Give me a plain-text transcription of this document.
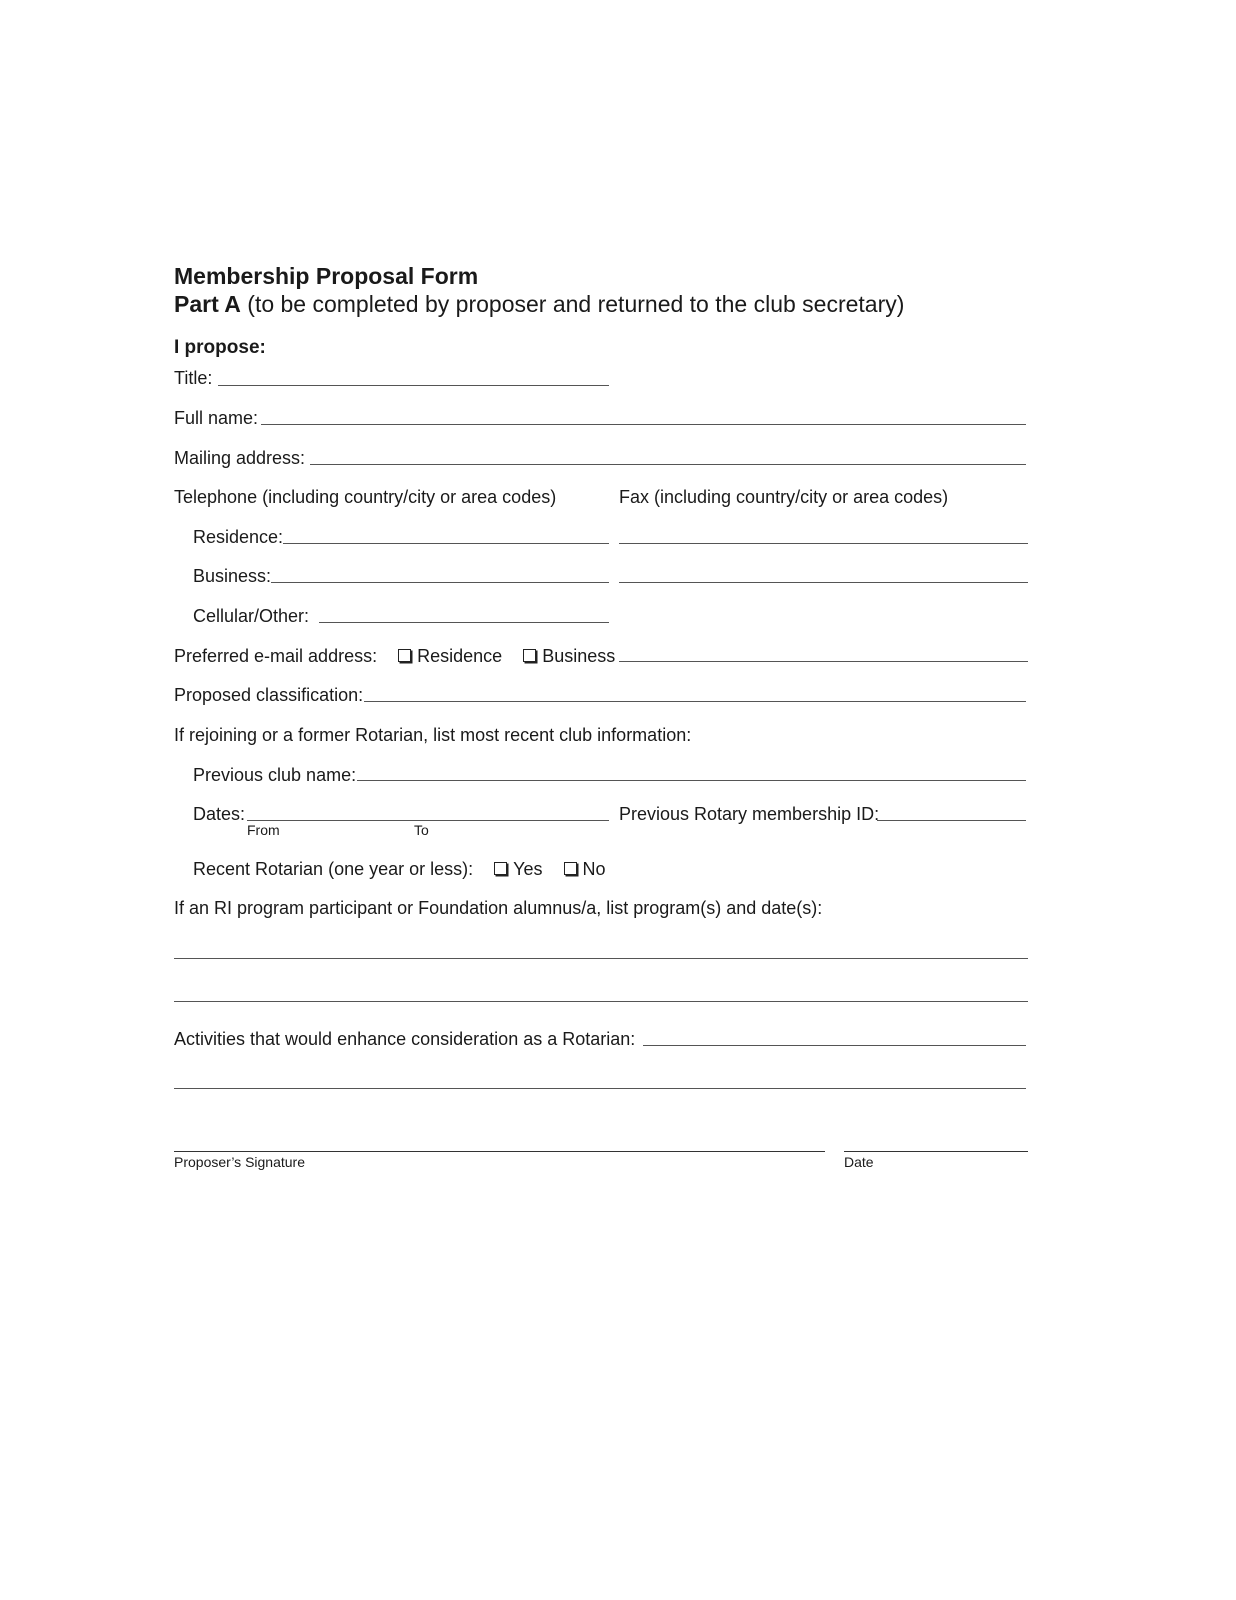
Membership Proposal Form
Part A (to be completed by proposer and returned to the club secretary)
I propose:
Title:
Full name:
Mailing address:
Telephone (including country/city or area codes)	Fax (including country/city or area codes)
Residence:
Business:
Cellular/Other:
Preferred e-mail address: Residence Business
Proposed classification:
If rejoining or a former Rotarian, list most recent club information:
Previous club name:
Dates:
From	To
Previous Rotary membership ID:
Recent Rotarian (one year or less): Yes No
If an RI program participant or Foundation alumnus/a, list program(s) and date(s):
Activities that would enhance consideration as a Rotarian:
Proposer’s Signature	Date
